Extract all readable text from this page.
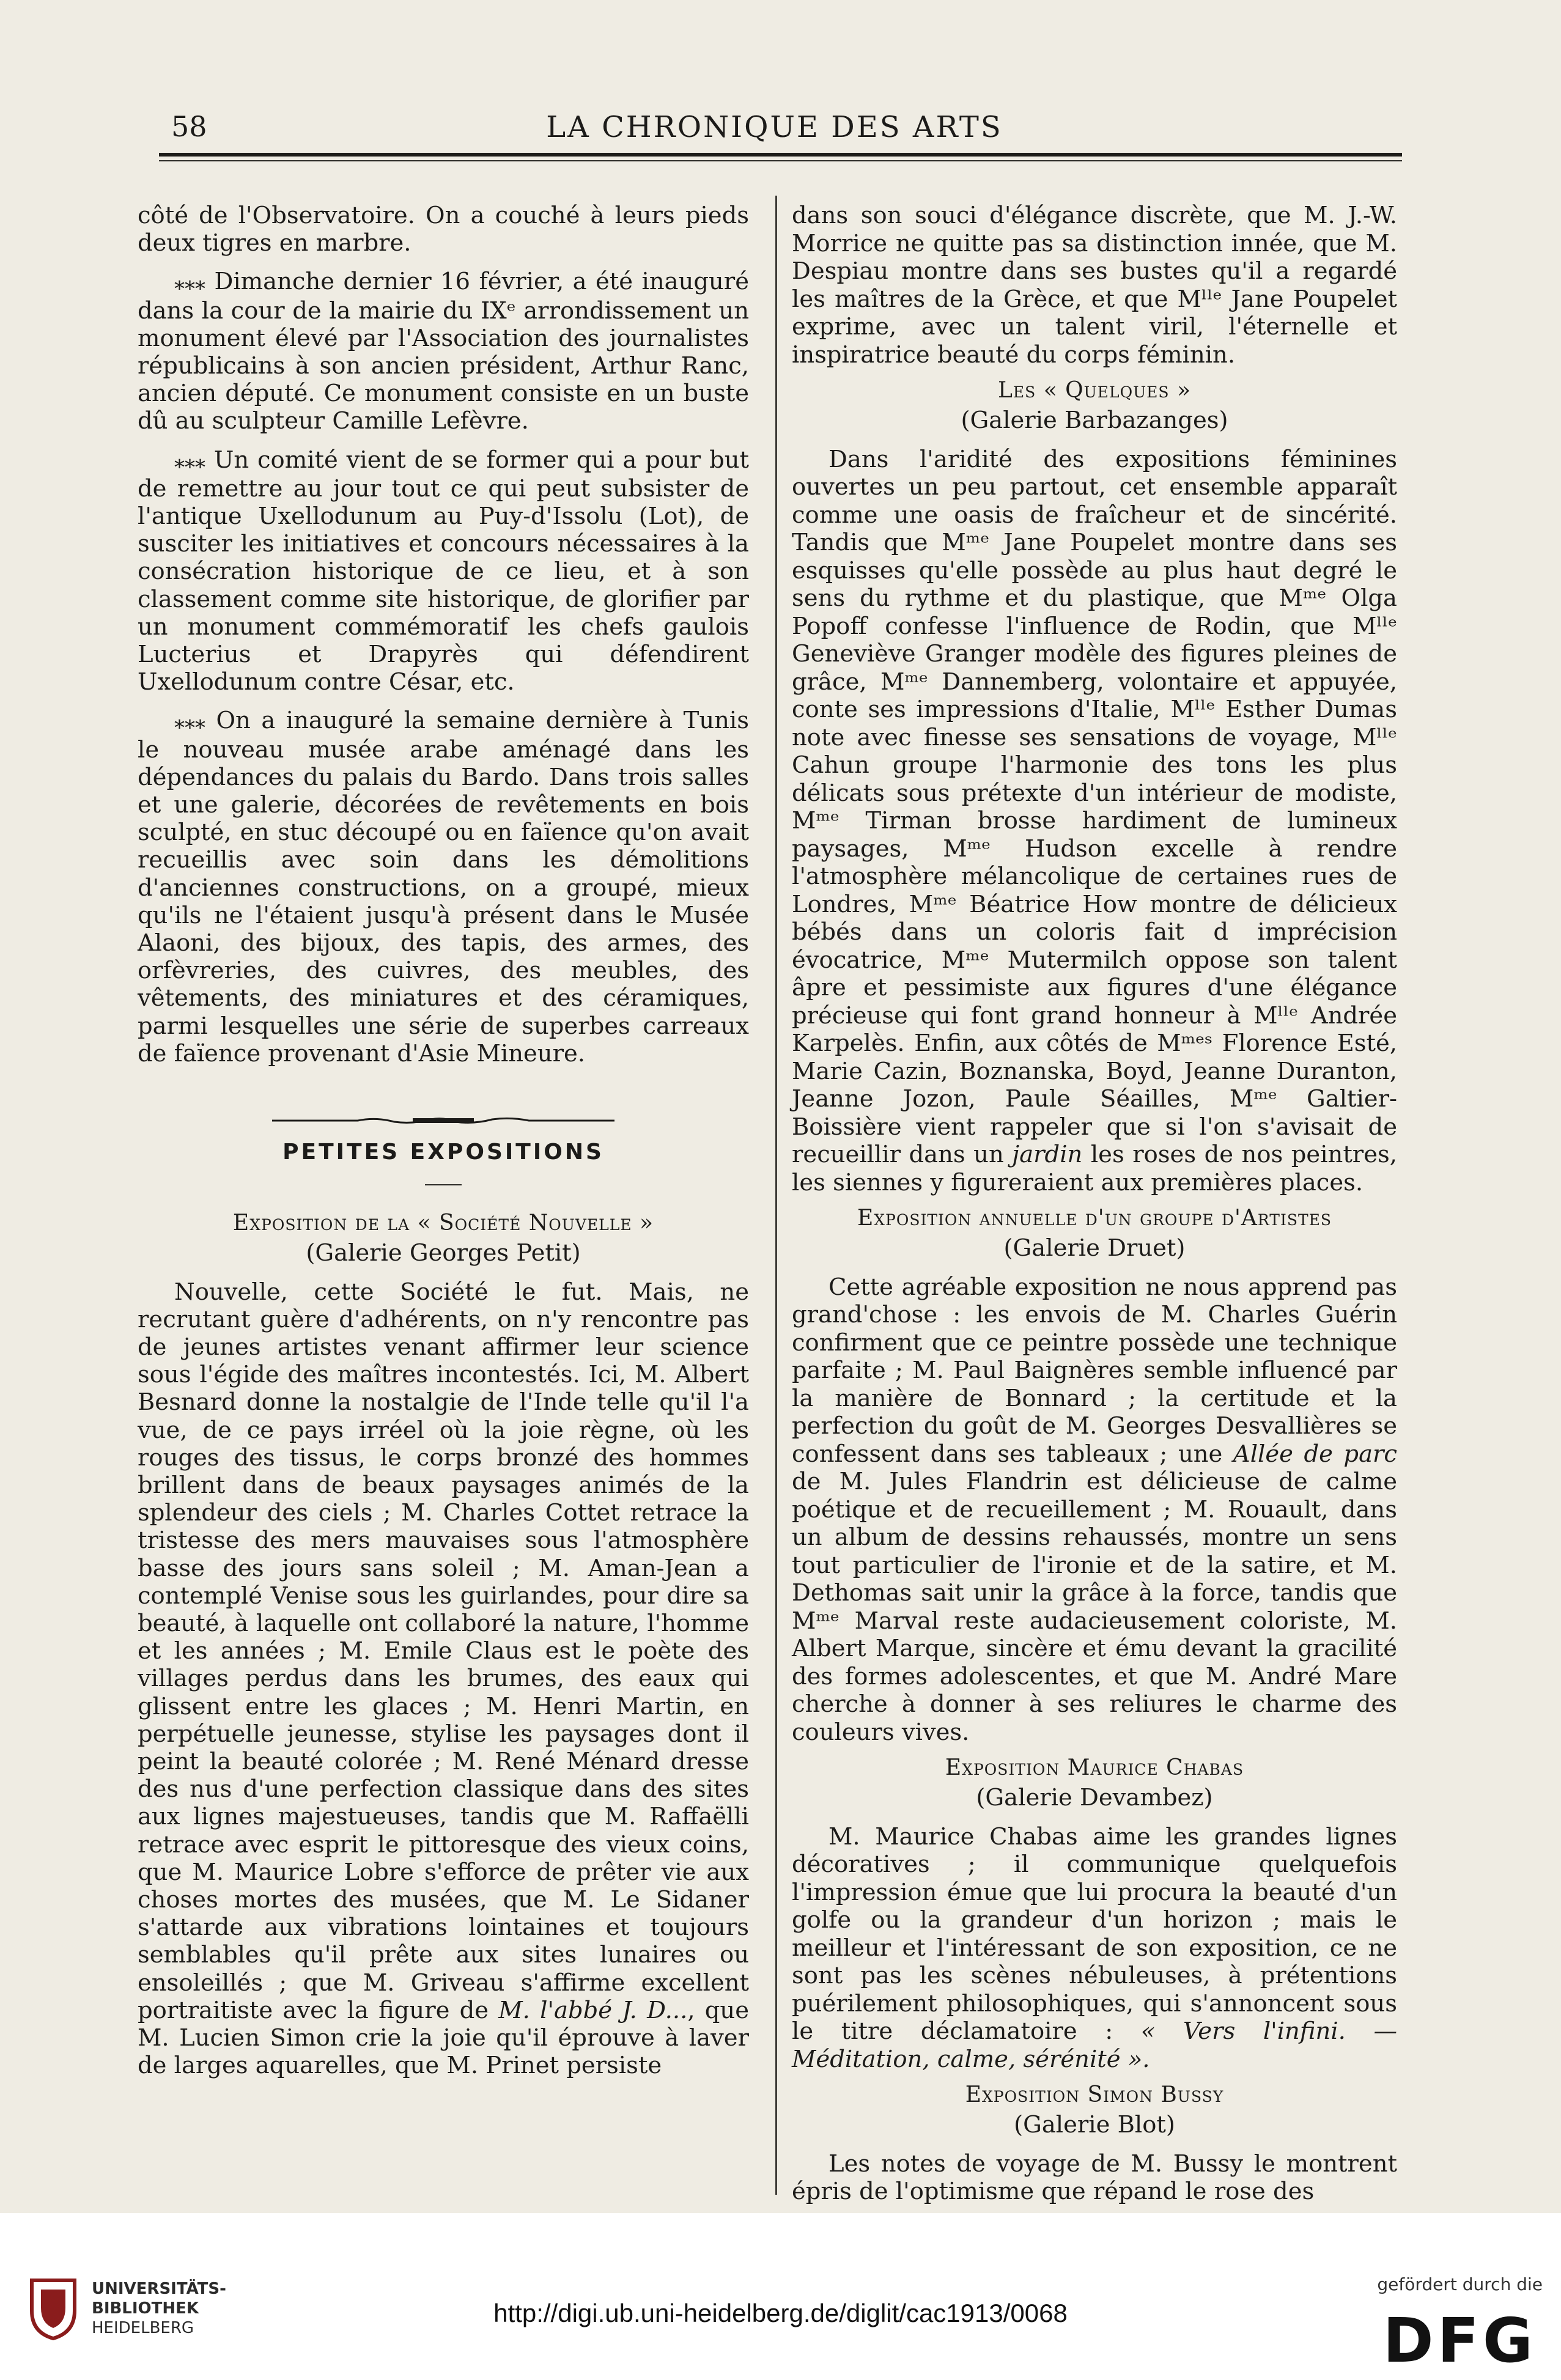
58	LA CHRONIQUE DES ARTS

côté de l'Observatoire. On a couché à leurs pieds deux tigres en marbre.

⁎⁎⁎ Dimanche dernier 16 février, a été inauguré dans la cour de la mairie du IXᵉ arrondissement un monument élevé par l'Association des journalistes républicains à son ancien président, Arthur Ranc, ancien député. Ce monument consiste en un buste dû au sculpteur Camille Lefèvre.

⁎⁎⁎ Un comité vient de se former qui a pour but de remettre au jour tout ce qui peut subsister de l'antique Uxellodunum au Puy-d'Issolu (Lot), de susciter les initiatives et concours nécessaires à la consécration historique de ce lieu, et à son classement comme site historique, de glorifier par un monument commémoratif les chefs gaulois Lucterius et Drapyrès qui défendirent Uxellodunum contre César, etc.

⁎⁎⁎ On a inauguré la semaine dernière à Tunis le nouveau musée arabe aménagé dans les dépendances du palais du Bardo. Dans trois salles et une galerie, décorées de revêtements en bois sculpté, en stuc découpé ou en faïence qu'on avait recueillis avec soin dans les démolitions d'anciennes constructions, on a groupé, mieux qu'ils ne l'étaient jusqu'à présent dans le Musée Alaoni, des bijoux, des tapis, des armes, des orfèvreries, des cuivres, des meubles, des vêtements, des miniatures et des céramiques, parmi lesquelles une série de superbes carreaux de faïence provenant d'Asie Mineure.

PETITES EXPOSITIONS
Exposition de la « Société Nouvelle »

(Galerie Georges Petit)

Nouvelle, cette Société le fut. Mais, ne recrutant guère d'adhérents, on n'y rencontre pas de jeunes artistes venant affirmer leur science sous l'égide des maîtres incontestés. Ici, M. Albert Besnard donne la nostalgie de l'Inde telle qu'il l'a vue, de ce pays irréel où la joie règne, où les rouges des tissus, le corps bronzé des hommes brillent dans de beaux paysages animés de la splendeur des ciels ; M. Charles Cottet retrace la tristesse des mers mauvaises sous l'atmosphère basse des jours sans soleil ; M. Aman-Jean a contemplé Venise sous les guirlandes, pour dire sa beauté, à laquelle ont collaboré la nature, l'homme et les années ; M. Emile Claus est le poète des villages perdus dans les brumes, des eaux qui glissent entre les glaces ; M. Henri Martin, en perpétuelle jeunesse, stylise les paysages dont il peint la beauté colorée ; M. René Ménard dresse des nus d'une perfection classique dans des sites aux lignes majestueuses, tandis que M. Raffaëlli retrace avec esprit le pittoresque des vieux coins, que M. Maurice Lobre s'efforce de prêter vie aux choses mortes des musées, que M. Le Sidaner s'attarde aux vibrations lointaines et toujours semblables qu'il prête aux sites lunaires ou ensoleillés ; que M. Griveau s'affirme excellent portraitiste avec la figure de M. l'abbé J. D..., que M. Lucien Simon crie la joie qu'il éprouve à laver de larges aquarelles, que M. Prinet persiste

dans son souci d'élégance discrète, que M. J.-W. Morrice ne quitte pas sa distinction innée, que M. Despiau montre dans ses bustes qu'il a regardé les maîtres de la Grèce, et que Mˡˡᵉ Jane Poupelet exprime, avec un talent viril, l'éternelle et inspiratrice beauté du corps féminin.

Les « Quelques »

(Galerie Barbazanges)

Dans l'aridité des expositions féminines ouvertes un peu partout, cet ensemble apparaît comme une oasis de fraîcheur et de sincérité. Tandis que Mᵐᵉ Jane Poupelet montre dans ses esquisses qu'elle possède au plus haut degré le sens du rythme et du plastique, que Mᵐᵉ Olga Popoff confesse l'influence de Rodin, que Mˡˡᵉ Geneviève Granger modèle des figures pleines de grâce, Mᵐᵉ Dannemberg, volontaire et appuyée, conte ses impressions d'Italie, Mˡˡᵉ Esther Dumas note avec finesse ses sensations de voyage, Mˡˡᵉ Cahun groupe l'harmonie des tons les plus délicats sous prétexte d'un intérieur de modiste, Mᵐᵉ Tirman brosse hardiment de lumineux paysages, Mᵐᵉ Hudson excelle à rendre l'atmosphère mélancolique de certaines rues de Londres, Mᵐᵉ Béatrice How montre de délicieux bébés dans un coloris fait d imprécision évocatrice, Mᵐᵉ Mutermilch oppose son talent âpre et pessimiste aux figures d'une élégance précieuse qui font grand honneur à Mˡˡᵉ Andrée Karpelès. Enfin, aux côtés de Mᵐᵉˢ Florence Esté, Marie Cazin, Boznanska, Boyd, Jeanne Duranton, Jeanne Jozon, Paule Séailles, Mᵐᵉ Galtier-Boissière vient rappeler que si l'on s'avisait de recueillir dans un jardin les roses de nos peintres, les siennes y figureraient aux premières places.

Exposition annuelle d'un groupe d'Artistes

(Galerie Druet)

Cette agréable exposition ne nous apprend pas grand'chose : les envois de M. Charles Guérin confirment que ce peintre possède une technique parfaite ; M. Paul Baignères semble influencé par la manière de Bonnard ; la certitude et la perfection du goût de M. Georges Desvallières se confessent dans ses tableaux ; une Allée de parc de M. Jules Flandrin est délicieuse de calme poétique et de recueillement ; M. Rouault, dans un album de dessins rehaussés, montre un sens tout particulier de l'ironie et de la satire, et M. Dethomas sait unir la grâce à la force, tandis que Mᵐᵉ Marval reste audacieusement coloriste, M. Albert Marque, sincère et ému devant la gracilité des formes adolescentes, et que M. André Mare cherche à donner à ses reliures le charme des couleurs vives.

Exposition Maurice Chabas

(Galerie Devambez)

M. Maurice Chabas aime les grandes lignes décoratives ; il communique quelquefois l'impression émue que lui procura la beauté d'un golfe ou la grandeur d'un horizon ; mais le meilleur et l'intéressant de son exposition, ce ne sont pas les scènes nébuleuses, à prétentions puérilement philosophiques, qui s'annoncent sous le titre déclamatoire : « Vers l'infini. — Méditation, calme, sérénité ».

Exposition Simon Bussy

(Galerie Blot)

Les notes de voyage de M. Bussy le montrent épris de l'optimisme que répand le rose des

UNIVERSITÄTS-
BIBLIOTHEK
HEIDELBERG
http://digi.ub.uni-heidelberg.de/diglit/cac1913/0068
gefördert durch die
DFG
